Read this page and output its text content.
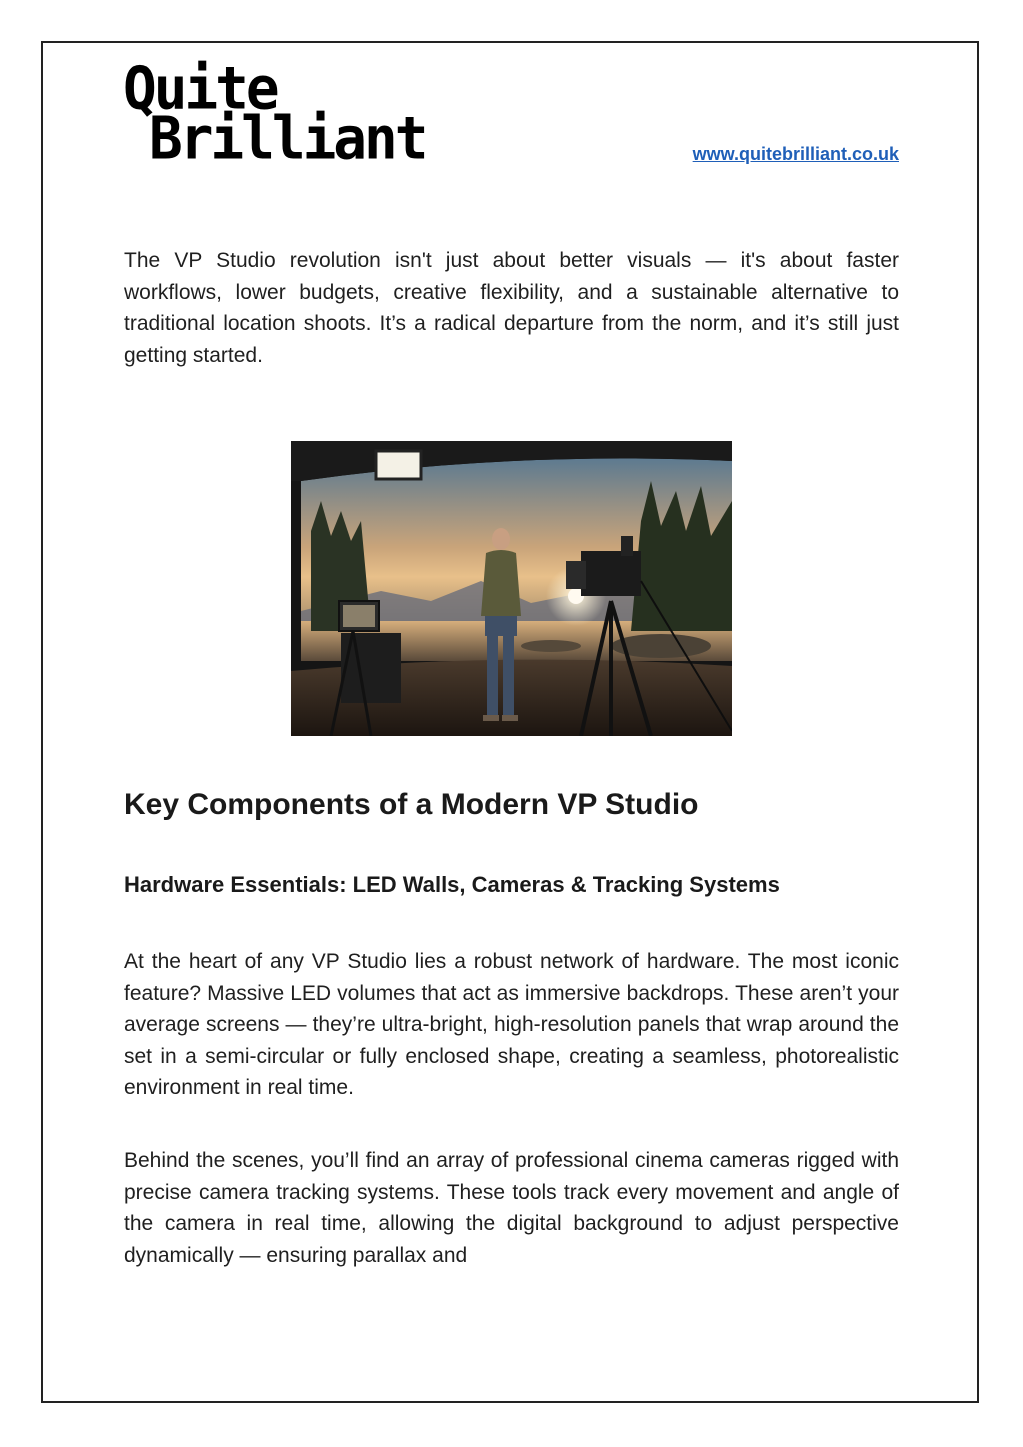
Quite
Brilliant	www.quitebrilliant.co.uk

The VP Studio revolution isn't just about better visuals — it's about faster workflows, lower budgets, creative flexibility, and a sustainable alternative to traditional location shoots. It’s a radical departure from the norm, and it’s still just getting started.

Key Components of a Modern VP Studio
Hardware Essentials: LED Walls, Cameras & Tracking Systems

At the heart of any VP Studio lies a robust network of hardware. The most iconic feature? Massive LED volumes that act as immersive backdrops. These aren’t your average screens — they’re ultra-bright, high-resolution panels that wrap around the set in a semi-circular or fully enclosed shape, creating a seamless, photorealistic environment in real time.

Behind the scenes, you’ll find an array of professional cinema cameras rigged with precise camera tracking systems. These tools track every movement and angle of the camera in real time, allowing the digital background to adjust perspective dynamically — ensuring parallax and
